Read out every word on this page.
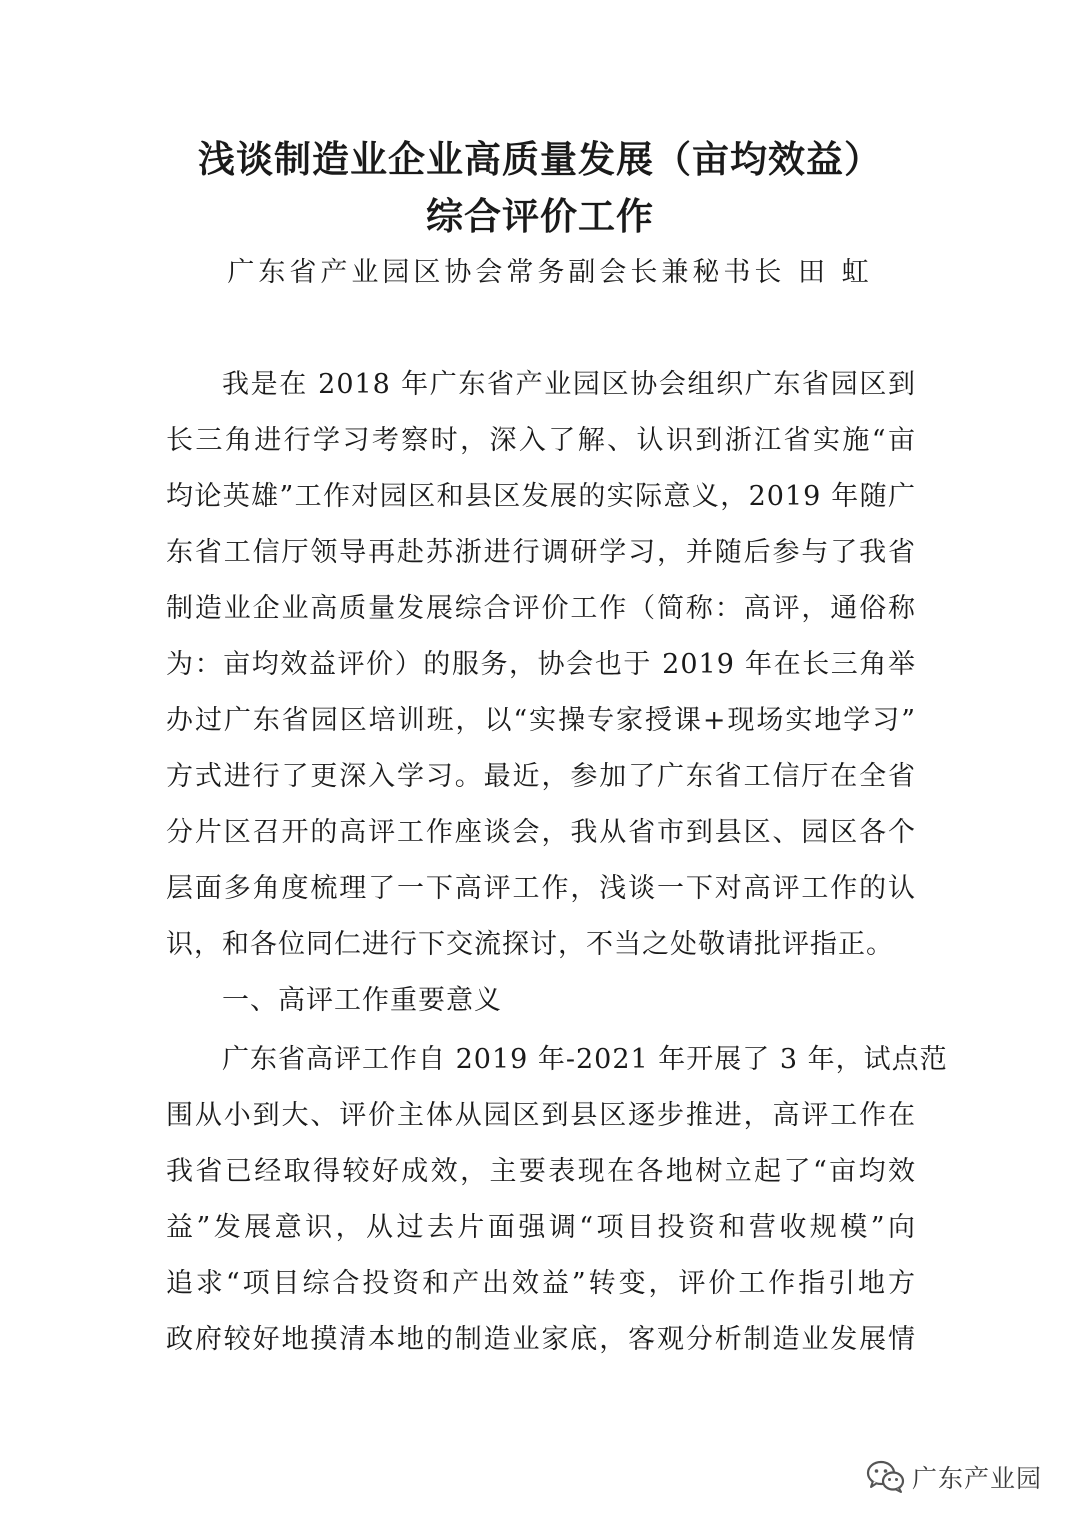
浅谈制造业企业高质量发展（亩均效益）
综合评价工作
广东省产业园区协会常务副会长兼秘书长 田 虹
我是在 2018 年广东省产业园区协会组织广东省园区到
长三角进行学习考察时，深入了解、认识到浙江省实施“亩
均论英雄”工作对园区和县区发展的实际意义，2019 年随广
东省工信厅领导再赴苏浙进行调研学习，并随后参与了我省
制造业企业高质量发展综合评价工作（简称：高评，通俗称
为：亩均效益评价）的服务，协会也于 2019 年在长三角举
办过广东省园区培训班，以“实操专家授课+现场实地学习”
方式进行了更深入学习。最近，参加了广东省工信厅在全省
分片区召开的高评工作座谈会，我从省市到县区、园区各个
层面多角度梳理了一下高评工作，浅谈一下对高评工作的认
识，和各位同仁进行下交流探讨，不当之处敬请批评指正。
一、高评工作重要意义
广东省高评工作自 2019 年-2021 年开展了 3 年，试点范
围从小到大、评价主体从园区到县区逐步推进，高评工作在
我省已经取得较好成效，主要表现在各地树立起了“亩均效
益”发展意识，从过去片面强调“项目投资和营收规模”向
追求“项目综合投资和产出效益”转变，评价工作指引地方
政府较好地摸清本地的制造业家底，客观分析制造业发展情
广东产业园
